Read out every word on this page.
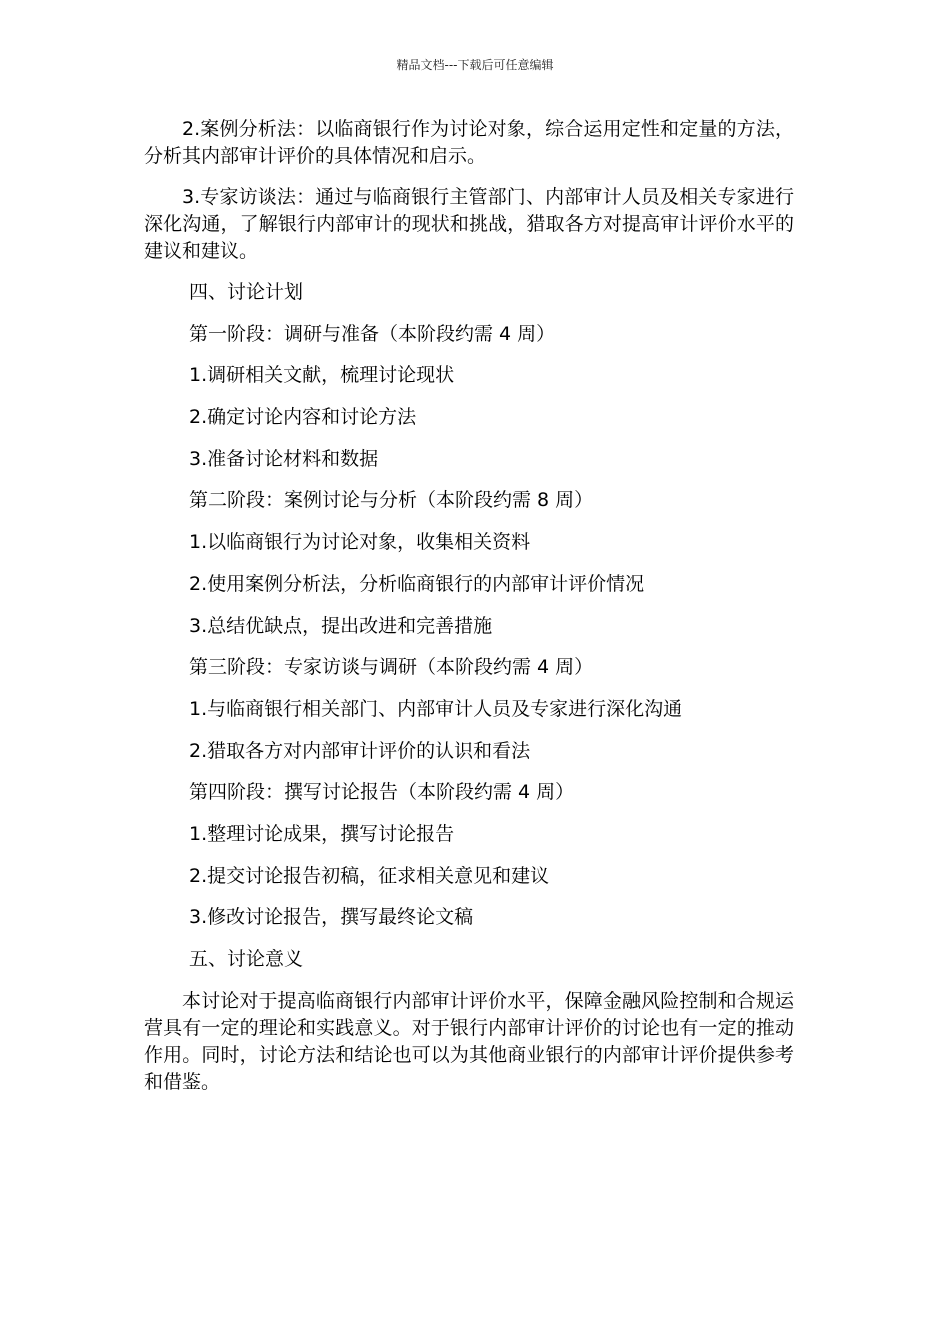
精品文档---下载后可任意编辑

2.案例分析法：以临商银行作为讨论对象，综合运用定性和定量的方法，分析其内部审计评价的具体情况和启示。

3.专家访谈法：通过与临商银行主管部门、内部审计人员及相关专家进行深化沟通，了解银行内部审计的现状和挑战，猎取各方对提高审计评价水平的建议和建议。

四、讨论计划
第一阶段：调研与准备（本阶段约需 4 周）
1.调研相关文献，梳理讨论现状
2.确定讨论内容和讨论方法
3.准备讨论材料和数据
第二阶段：案例讨论与分析（本阶段约需 8 周）
1.以临商银行为讨论对象，收集相关资料
2.使用案例分析法，分析临商银行的内部审计评价情况
3.总结优缺点，提出改进和完善措施
第三阶段：专家访谈与调研（本阶段约需 4 周）
1.与临商银行相关部门、内部审计人员及专家进行深化沟通
2.猎取各方对内部审计评价的认识和看法
第四阶段：撰写讨论报告（本阶段约需 4 周）
1.整理讨论成果，撰写讨论报告
2.提交讨论报告初稿，征求相关意见和建议
3.修改讨论报告，撰写最终论文稿
五、讨论意义

本讨论对于提高临商银行内部审计评价水平，保障金融风险控制和合规运营具有一定的理论和实践意义。对于银行内部审计评价的讨论也有一定的推动作用。同时，讨论方法和结论也可以为其他商业银行的内部审计评价提供参考和借鉴。
